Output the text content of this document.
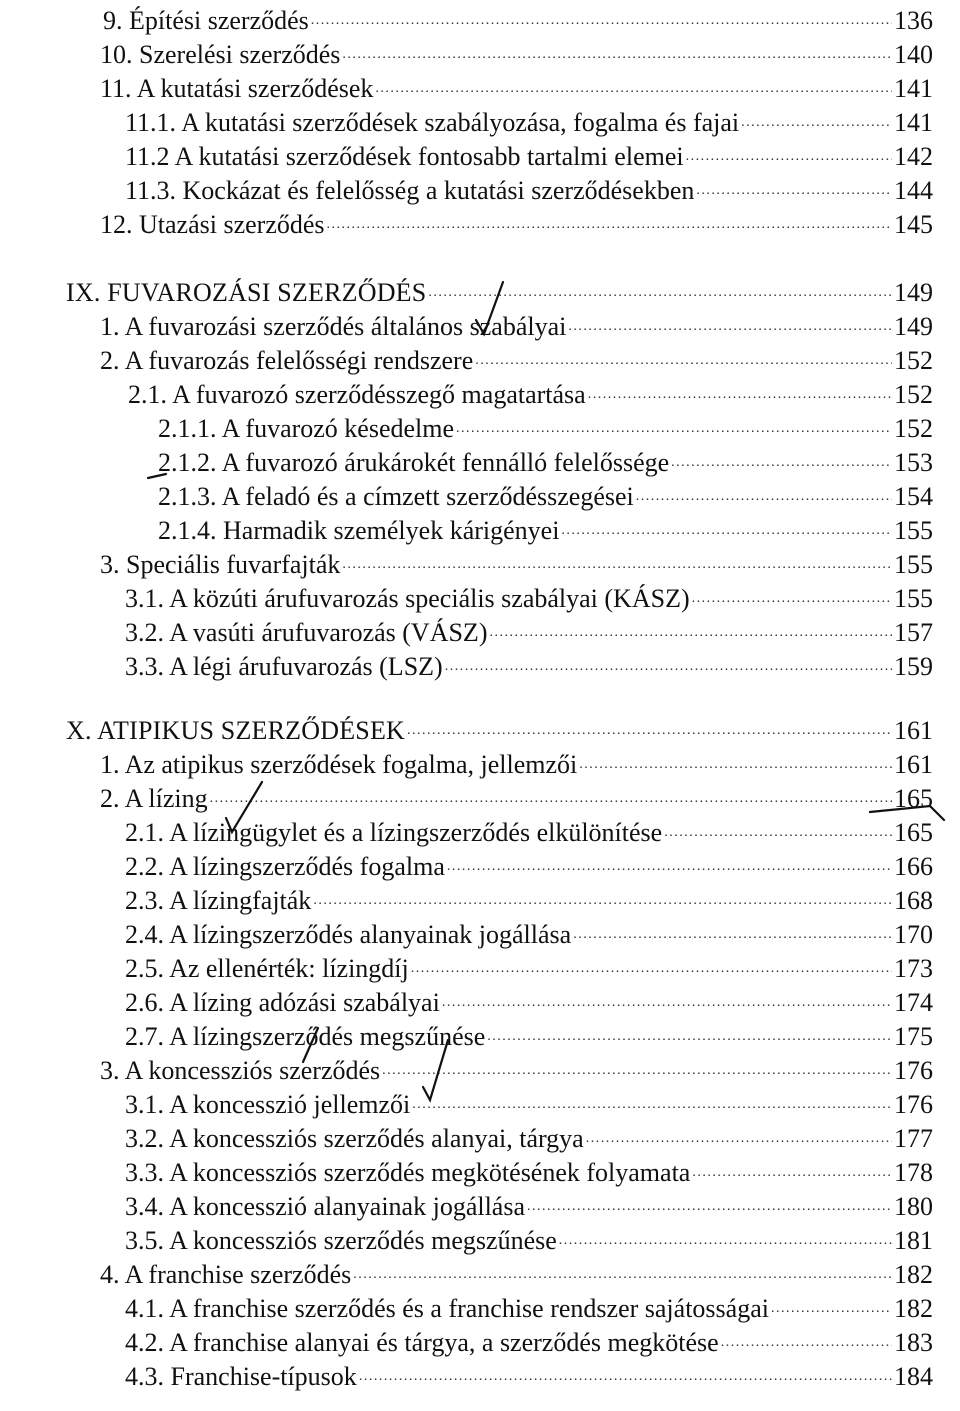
9. Építési szerződés . . .	136
10. Szerelési szerződés . . .	140
11. A kutatási szerződések . . .	141
11.1. A kutatási szerződések szabályozása, fogalma és fajai . . .	141
11.2 A kutatási szerződések fontosabb tartalmi elemei . . .	142
11.3. Kockázat és felelősség a kutatási szerződésekben . . .	144
12. Utazási szerződés . . .	145
IX. FUVAROZÁSI SZERZŐDÉS . . .	149
1. A fuvarozási szerződés általános szabályai . . .	149
2. A fuvarozás felelősségi rendszere . . .	152
2.1. A fuvarozó szerződésszegő magatartása . . .	152
2.1.1. A fuvarozó késedelme . . .	152
2.1.2. A fuvarozó árukárokét fennálló felelőssége . . .	153
2.1.3. A feladó és a címzett szerződésszegései . . .	154
2.1.4. Harmadik személyek kárigényei . . .	155
3. Speciális fuvarfajták . . .	155
3.1. A közúti árufuvarozás speciális szabályai (KÁSZ) . . .	155
3.2. A vasúti árufuvarozás (VÁSZ) . . .	157
3.3. A légi árufuvarozás (LSZ) . . .	159
X. ATIPIKUS SZERZŐDÉSEK . . .	161
1. Az atipikus szerződések fogalma, jellemzői . . .	161
2. A lízing . . .	165
2.1. A lízingügylet és a lízingszerződés elkülönítése . . .	165
2.2. A lízingszerződés fogalma . . .	166
2.3. A lízingfajták . . .	168
2.4. A lízingszerződés alanyainak jogállása . . .	170
2.5. Az ellenérték: lízingdíj . . .	173
2.6. A lízing adózási szabályai . . .	174
2.7. A lízingszerződés megszűnése . . .	175
3. A koncessziós szerződés . . .	176
3.1. A koncesszió jellemzői . . .	176
3.2. A koncessziós szerződés alanyai, tárgya . . .	177
3.3. A koncessziós szerződés megkötésének folyamata . . .	178
3.4. A koncesszió alanyainak jogállása . . .	180
3.5. A koncessziós szerződés megszűnése . . .	181
4. A franchise szerződés . . .	182
4.1. A franchise szerződés és a franchise rendszer sajátosságai . . .	182
4.2. A franchise alanyai és tárgya, a szerződés megkötése . . .	183
4.3. Franchise-típusok . . .	184
